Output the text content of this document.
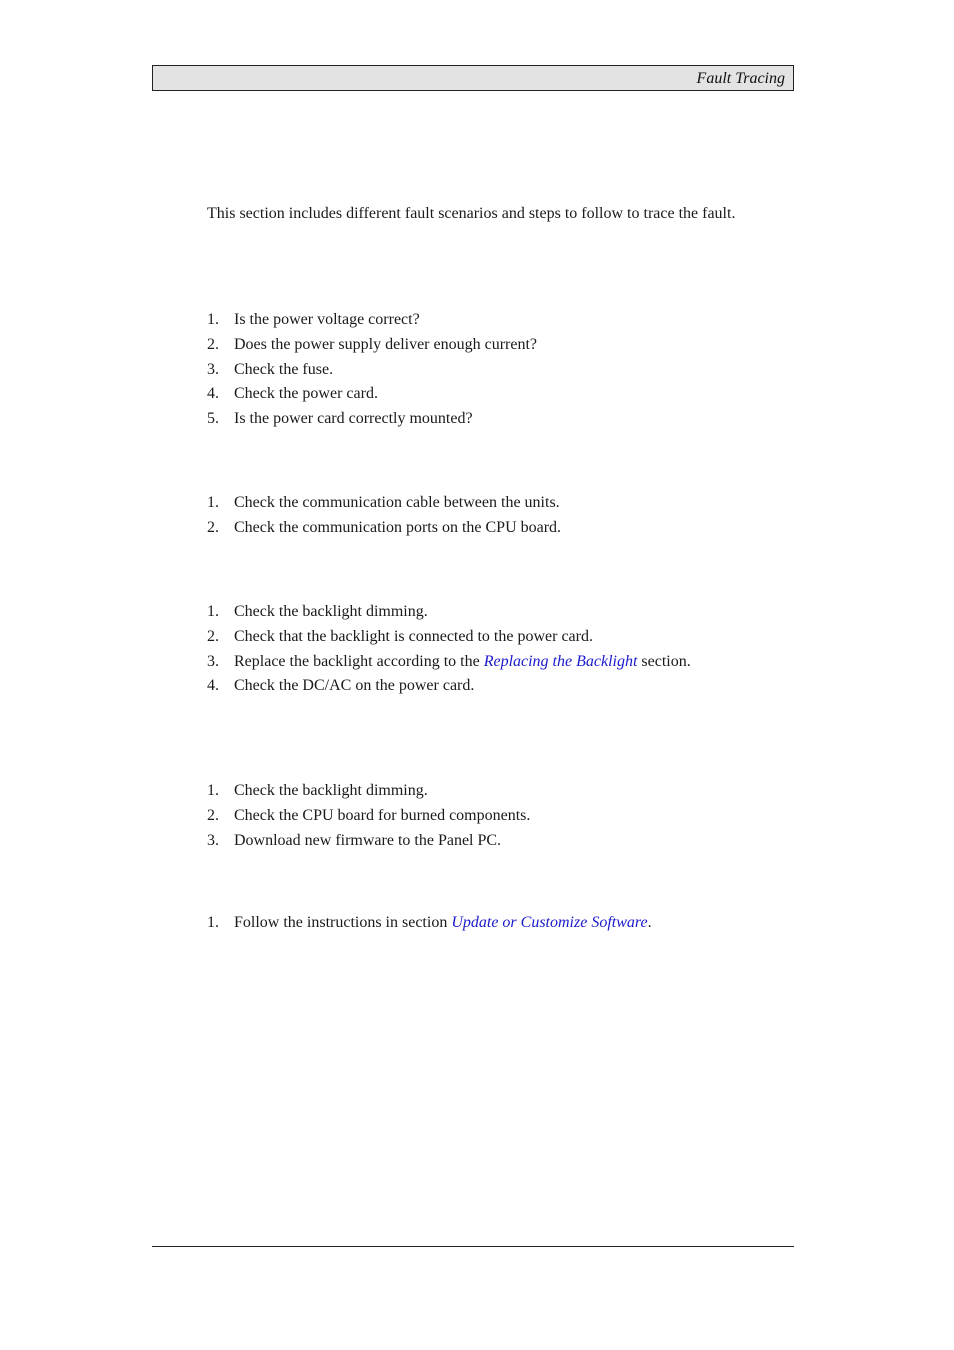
Fault Tracing

This section includes different fault scenarios and steps to follow to trace the fault.

1. Is the power voltage correct?
2. Does the power supply deliver enough current?
3. Check the fuse.
4. Check the power card.
5. Is the power card correctly mounted?
1. Check the communication cable between the units.
2. Check the communication ports on the CPU board.
1. Check the backlight dimming.
2. Check that the backlight is connected to the power card.
3. Replace the backlight according to the Replacing the Backlight section.
4. Check the DC/AC on the power card.
1. Check the backlight dimming.
2. Check the CPU board for burned components.
3. Download new firmware to the Panel PC.
1. Follow the instructions in section Update or Customize Software.
